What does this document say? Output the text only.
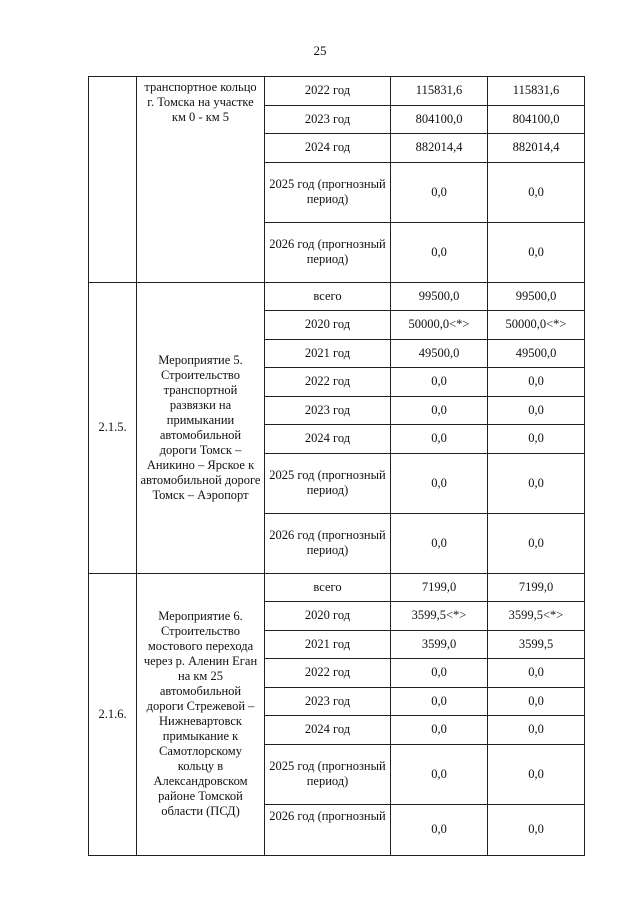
25
	транспортное кольцо г. Томска на участке км 0 - км 5	2022 год	115831,6	115831,6
		2023 год	804100,0	804100,0
		2024 год	882014,4	882014,4
		2025 год (прогнозный период)	0,0	0,0
		2026 год (прогнозный период)	0,0	0,0
2.1.5.	Мероприятие 5. Строительство транспортной развязки на примыкании автомобильной дороги Томск – Аникино – Ярское к автомобильной дороге Томск – Аэропорт	всего	99500,0	99500,0
		2020 год	50000,0<*>	50000,0<*>
		2021 год	49500,0	49500,0
		2022 год	0,0	0,0
		2023 год	0,0	0,0
		2024 год	0,0	0,0
		2025 год (прогнозный период)	0,0	0,0
		2026 год (прогнозный период)	0,0	0,0
2.1.6.	Мероприятие 6. Строительство мостового перехода через р. Аленин Еган на км 25 автомобильной дороги Стрежевой – Нижневартовск примыкание к Самотлорскому кольцу в Александровском районе Томской области (ПСД)	всего	7199,0	7199,0
		2020 год	3599,5<*>	3599,5<*>
		2021 год	3599,0	3599,5
		2022 год	0,0	0,0
		2023 год	0,0	0,0
		2024 год	0,0	0,0
		2025 год (прогнозный период)	0,0	0,0
		2026 год (прогнозный	0,0	0,0
